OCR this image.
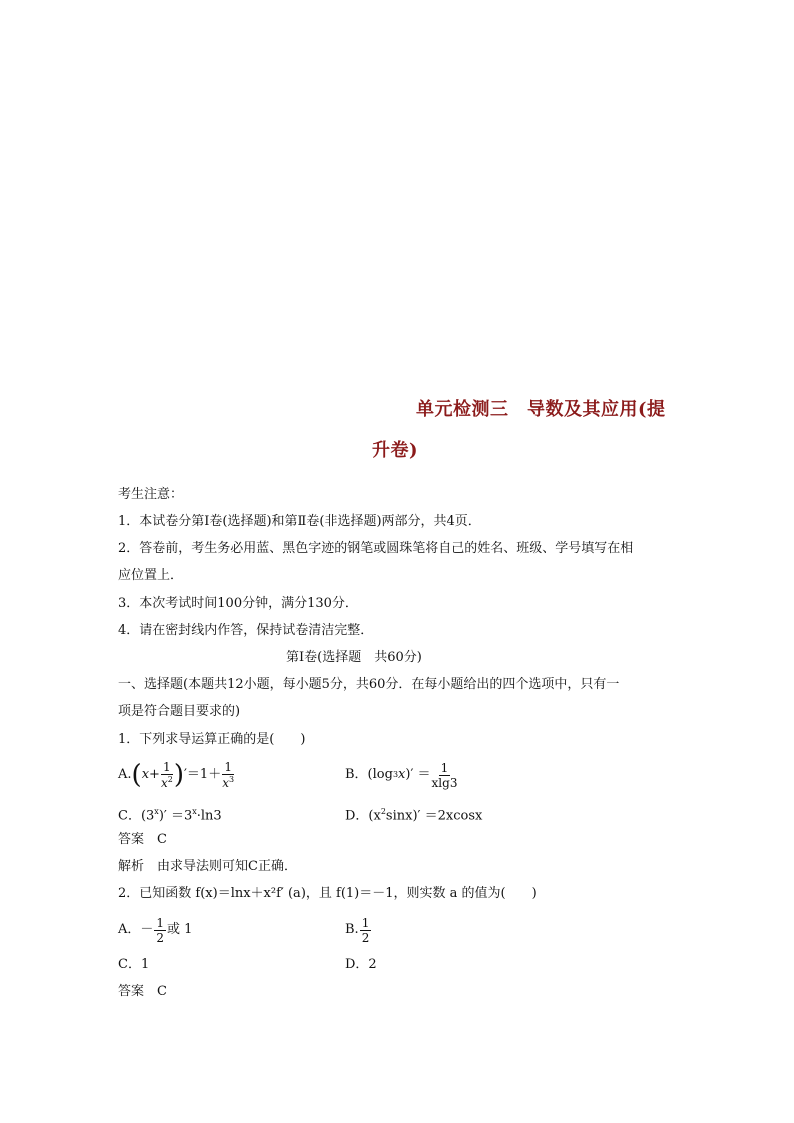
单元检测三　导数及其应用(提
升卷)
考生注意：
1．本试卷分第Ⅰ卷(选择题)和第Ⅱ卷(非选择题)两部分，共4页．
2．答卷前，考生务必用蓝、黑色字迹的钢笔或圆珠笔将自己的姓名、班级、学号填写在相
应位置上．
3．本次考试时间100分钟，满分130分．
4．请在密封线内作答，保持试卷清洁完整．
第Ⅰ卷(选择题　共60分)
一、选择题(本题共12小题，每小题5分，共60分．在每小题给出的四个选项中，只有一
项是符合题目要求的)
1．下列求导运算正确的是(　　)
A. ( $x + \frac{1}{x^2}$ ) ′ $=1+ \frac{1}{x^3}$	B．(log 3 x )′ ＝ $\frac{1}{xlg3}$
C．$(3^x)' =3^x\cdot\ln 3$	D．$(x^2\sin x)' =2xcosx$
答案　C
解析　由求导法则可知C正确．
2．已知函数 f(x)＝lnx＋x²f′ (a)，且 f(1)＝－1，则实数 a 的值为(　　)
A．－ $\frac{1}{2}$ 或 1	B. $\frac{1}{2}$
C．1	D．2
答案　C
